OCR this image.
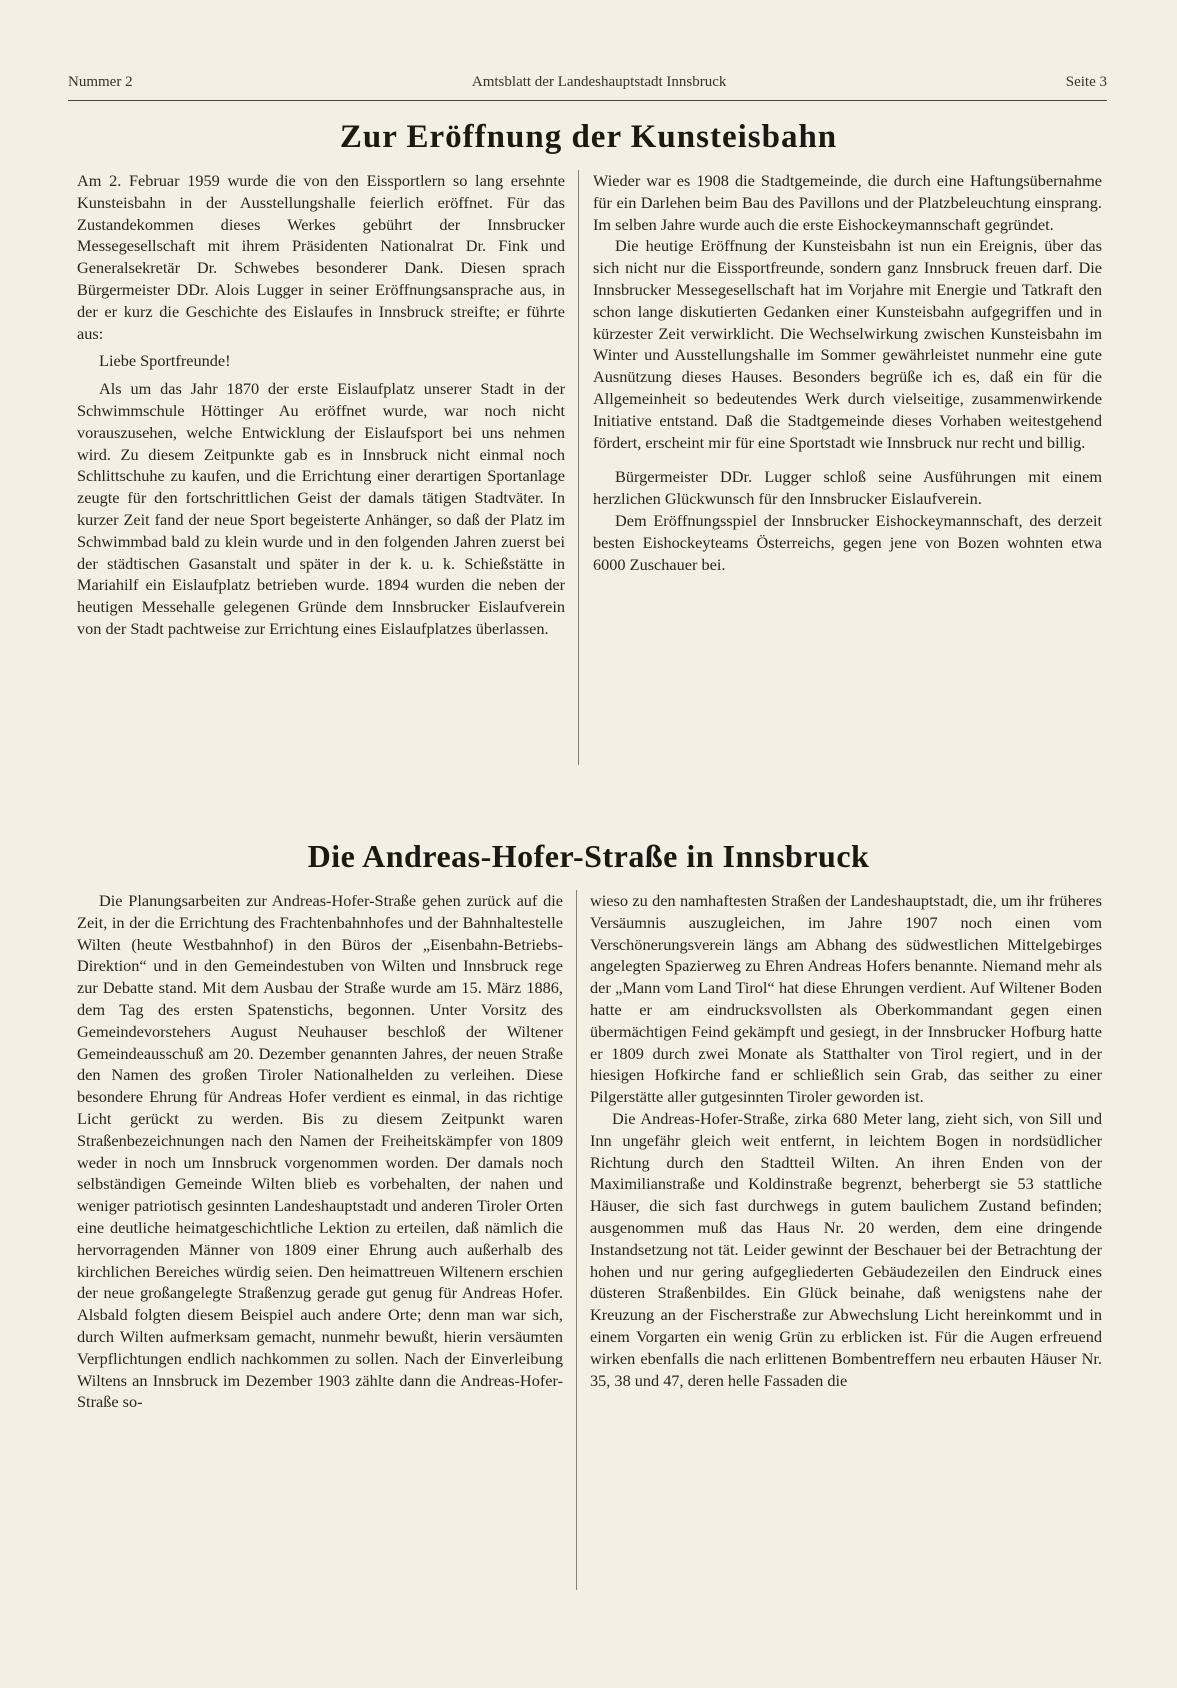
Nummer 2	Amtsblatt der Landeshauptstadt Innsbruck	Seite 3
Zur Eröffnung der Kunsteisbahn

Am 2. Februar 1959 wurde die von den Eissportlern so lang ersehnte Kunsteisbahn in der Ausstellungshalle feierlich eröffnet. Für das Zustandekommen dieses Werkes gebührt der Innsbrucker Messegesellschaft mit ihrem Präsidenten Nationalrat Dr. Fink und Generalsekretär Dr. Schwebes besonderer Dank. Diesen sprach Bürgermeister DDr. Alois Lugger in seiner Eröffnungsansprache aus, in der er kurz die Geschichte des Eislaufes in Innsbruck streifte; er führte aus:

Liebe Sportfreunde!

Als um das Jahr 1870 der erste Eislaufplatz unserer Stadt in der Schwimmschule Höttinger Au eröffnet wurde, war noch nicht vorauszusehen, welche Entwicklung der Eislaufsport bei uns nehmen wird. Zu diesem Zeitpunkte gab es in Innsbruck nicht einmal noch Schlittschuhe zu kaufen, und die Errichtung einer derartigen Sportanlage zeugte für den fortschrittlichen Geist der damals tätigen Stadtväter. In kurzer Zeit fand der neue Sport begeisterte Anhänger, so daß der Platz im Schwimmbad bald zu klein wurde und in den folgenden Jahren zuerst bei der städtischen Gasanstalt und später in der k. u. k. Schießstätte in Mariahilf ein Eislaufplatz betrieben wurde. 1894 wurden die neben der heutigen Messehalle gelegenen Gründe dem Innsbrucker Eislaufverein von der Stadt pachtweise zur Errichtung eines Eislaufplatzes überlassen.

Wieder war es 1908 die Stadtgemeinde, die durch eine Haftungsübernahme für ein Darlehen beim Bau des Pavillons und der Platzbeleuchtung einsprang. Im selben Jahre wurde auch die erste Eishockeymannschaft gegründet.

Die heutige Eröffnung der Kunsteisbahn ist nun ein Ereignis, über das sich nicht nur die Eissportfreunde, sondern ganz Innsbruck freuen darf. Die Innsbrucker Messegesellschaft hat im Vorjahre mit Energie und Tatkraft den schon lange diskutierten Gedanken einer Kunsteisbahn aufgegriffen und in kürzester Zeit verwirklicht. Die Wechselwirkung zwischen Kunsteisbahn im Winter und Ausstellungshalle im Sommer gewährleistet nunmehr eine gute Ausnützung dieses Hauses. Besonders begrüße ich es, daß ein für die Allgemeinheit so bedeutendes Werk durch vielseitige, zusammenwirkende Initiative entstand. Daß die Stadtgemeinde dieses Vorhaben weitestgehend fördert, erscheint mir für eine Sportstadt wie Innsbruck nur recht und billig.

Bürgermeister DDr. Lugger schloß seine Ausführungen mit einem herzlichen Glückwunsch für den Innsbrucker Eislaufverein.

Dem Eröffnungsspiel der Innsbrucker Eishockeymannschaft, des derzeit besten Eishockeyteams Österreichs, gegen jene von Bozen wohnten etwa 6000 Zuschauer bei.

Die Andreas-Hofer-Straße in Innsbruck

Die Planungsarbeiten zur Andreas-Hofer-Straße gehen zurück auf die Zeit, in der die Errichtung des Frachtenbahnhofes und der Bahnhaltestelle Wilten (heute Westbahnhof) in den Büros der „Eisenbahn-Betriebs-Direktion“ und in den Gemeindestuben von Wilten und Innsbruck rege zur Debatte stand. Mit dem Ausbau der Straße wurde am 15. März 1886, dem Tag des ersten Spatenstichs, begonnen. Unter Vorsitz des Gemeindevorstehers August Neuhauser beschloß der Wiltener Gemeindeausschuß am 20. Dezember genannten Jahres, der neuen Straße den Namen des großen Tiroler Nationalhelden zu verleihen. Diese besondere Ehrung für Andreas Hofer verdient es einmal, in das richtige Licht gerückt zu werden. Bis zu diesem Zeitpunkt waren Straßenbezeichnungen nach den Namen der Freiheitskämpfer von 1809 weder in noch um Innsbruck vorgenommen worden. Der damals noch selbständigen Gemeinde Wilten blieb es vorbehalten, der nahen und weniger patriotisch gesinnten Landeshauptstadt und anderen Tiroler Orten eine deutliche heimatgeschichtliche Lektion zu erteilen, daß nämlich die hervorragenden Männer von 1809 einer Ehrung auch außerhalb des kirchlichen Bereiches würdig seien. Den heimattreuen Wiltenern erschien der neue großangelegte Straßenzug gerade gut genug für Andreas Hofer. Alsbald folgten diesem Beispiel auch andere Orte; denn man war sich, durch Wilten aufmerksam gemacht, nunmehr bewußt, hierin versäumten Verpflichtungen endlich nachkommen zu sollen. Nach der Einverleibung Wiltens an Innsbruck im Dezember 1903 zählte dann die Andreas-Hofer-Straße so-

wieso zu den namhaftesten Straßen der Landeshauptstadt, die, um ihr früheres Versäumnis auszugleichen, im Jahre 1907 noch einen vom Verschönerungsverein längs am Abhang des südwestlichen Mittelgebirges angelegten Spazierweg zu Ehren Andreas Hofers benannte. Niemand mehr als der „Mann vom Land Tirol“ hat diese Ehrungen verdient. Auf Wiltener Boden hatte er am eindrucksvollsten als Oberkommandant gegen einen übermächtigen Feind gekämpft und gesiegt, in der Innsbrucker Hofburg hatte er 1809 durch zwei Monate als Statthalter von Tirol regiert, und in der hiesigen Hofkirche fand er schließlich sein Grab, das seither zu einer Pilgerstätte aller gutgesinnten Tiroler geworden ist.

Die Andreas-Hofer-Straße, zirka 680 Meter lang, zieht sich, von Sill und Inn ungefähr gleich weit entfernt, in leichtem Bogen in nordsüdlicher Richtung durch den Stadtteil Wilten. An ihren Enden von der Maximilianstraße und Koldinstraße begrenzt, beherbergt sie 53 stattliche Häuser, die sich fast durchwegs in gutem baulichem Zustand befinden; ausgenommen muß das Haus Nr. 20 werden, dem eine dringende Instandsetzung not tät. Leider gewinnt der Beschauer bei der Betrachtung der hohen und nur gering aufgegliederten Gebäudezeilen den Eindruck eines düsteren Straßenbildes. Ein Glück beinahe, daß wenigstens nahe der Kreuzung an der Fischerstraße zur Abwechslung Licht hereinkommt und in einem Vorgarten ein wenig Grün zu erblicken ist. Für die Augen erfreuend wirken ebenfalls die nach erlittenen Bombentreffern neu erbauten Häuser Nr. 35, 38 und 47, deren helle Fassaden die
